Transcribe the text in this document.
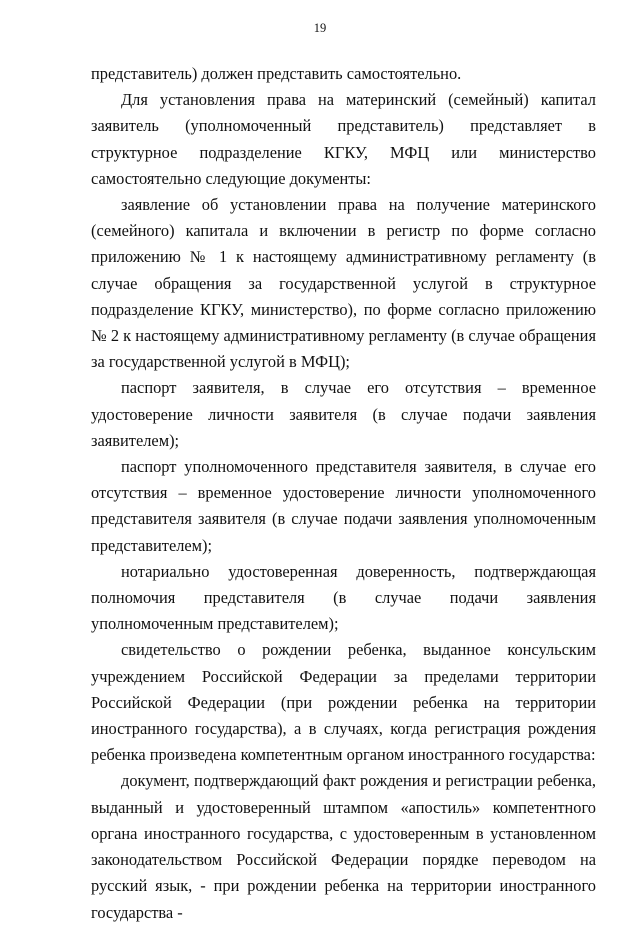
19

представитель) должен представить самостоятельно.

Для установления права на материнский (семейный) капитал заявитель (уполномоченный представитель) представляет в структурное подразделение КГКУ, МФЦ или министерство самостоятельно следующие документы:

заявление об установлении права на получение материнского (семейного) капитала и включении в регистр по форме согласно приложению № 1 к настоящему административному регламенту (в случае обращения за государственной услугой в структурное подразделение КГКУ, министерство), по форме согласно приложению № 2 к настоящему административному регламенту (в случае обращения за государственной услугой в МФЦ);

паспорт заявителя, в случае его отсутствия – временное удостоверение личности заявителя (в случае подачи заявления заявителем);

паспорт уполномоченного представителя заявителя, в случае его отсутствия – временное удостоверение личности уполномоченного представителя заявителя (в случае подачи заявления уполномоченным представителем);

нотариально удостоверенная доверенность, подтверждающая полномочия представителя (в случае подачи заявления уполномоченным представителем);

свидетельство о рождении ребенка, выданное консульским учреждением Российской Федерации за пределами территории Российской Федерации (при рождении ребенка на территории иностранного государства), а в случаях, когда регистрация рождения ребенка произведена компетентным органом иностранного государства:

документ, подтверждающий факт рождения и регистрации ребенка, выданный и удостоверенный штампом «апостиль» компетентного органа иностранного государства, с удостоверенным в установленном законодательством Российской Федерации порядке переводом на русский язык, - при рождении ребенка на территории иностранного государства -
